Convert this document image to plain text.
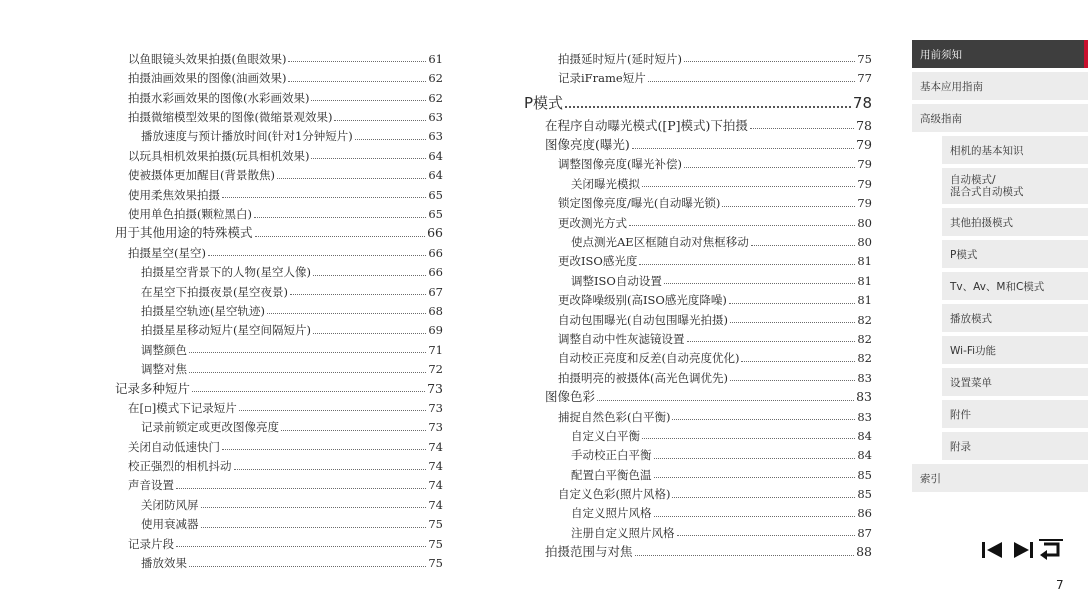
以鱼眼镜头效果拍摄(鱼眼效果)	61
拍摄油画效果的图像(油画效果)	62
拍摄水彩画效果的图像(水彩画效果)	62
拍摄微缩模型效果的图像(微缩景观效果)	63
播放速度与预计播放时间(针对1分钟短片)	63
以玩具相机效果拍摄(玩具相机效果)	64
使被摄体更加醒目(背景散焦)	64
使用柔焦效果拍摄	65
使用单色拍摄(颗粒黑白)	65
用于其他用途的特殊模式	66
拍摄星空(星空)	66
拍摄星空背景下的人物(星空人像)	66
在星空下拍摄夜景(星空夜景)	67
拍摄星空轨迹(星空轨迹)	68
拍摄星星移动短片(星空间隔短片)	69
调整颜色	71
调整对焦	72
记录多种短片	73
在[▫]模式下记录短片	73
记录前锁定或更改图像亮度	73
关闭自动低速快门	74
校正强烈的相机抖动	74
声音设置	74
关闭防风屏	74
使用衰减器	75
记录片段	75
播放效果	75
拍摄延时短片(延时短片)	75
记录iFrame短片	77
P模式	78
在程序自动曝光模式([P]模式)下拍摄	78
图像亮度(曝光)	79
调整图像亮度(曝光补偿)	79
关闭曝光模拟	79
锁定图像亮度/曝光(自动曝光锁)	79
更改测光方式	80
使点测光AE区框随自动对焦框移动	80
更改ISO感光度	81
调整ISO自动设置	81
更改降噪级别(高ISO感光度降噪)	81
自动包围曝光(自动包围曝光拍摄)	82
调整自动中性灰滤镜设置	82
自动校正亮度和反差(自动亮度优化)	82
拍摄明亮的被摄体(高光色调优先)	83
图像色彩	83
捕捉自然色彩(白平衡)	83
自定义白平衡	84
手动校正白平衡	84
配置白平衡色温	85
自定义色彩(照片风格)	85
自定义照片风格	86
注册自定义照片风格	87
拍摄范围与对焦	88
用前须知
基本应用指南
高级指南
相机的基本知识
自动模式/
混合式自动模式
其他拍摄模式
P模式
Tv、Av、M和C模式
播放模式
Wi-Fi功能
设置菜单
附件
附录
索引
7
